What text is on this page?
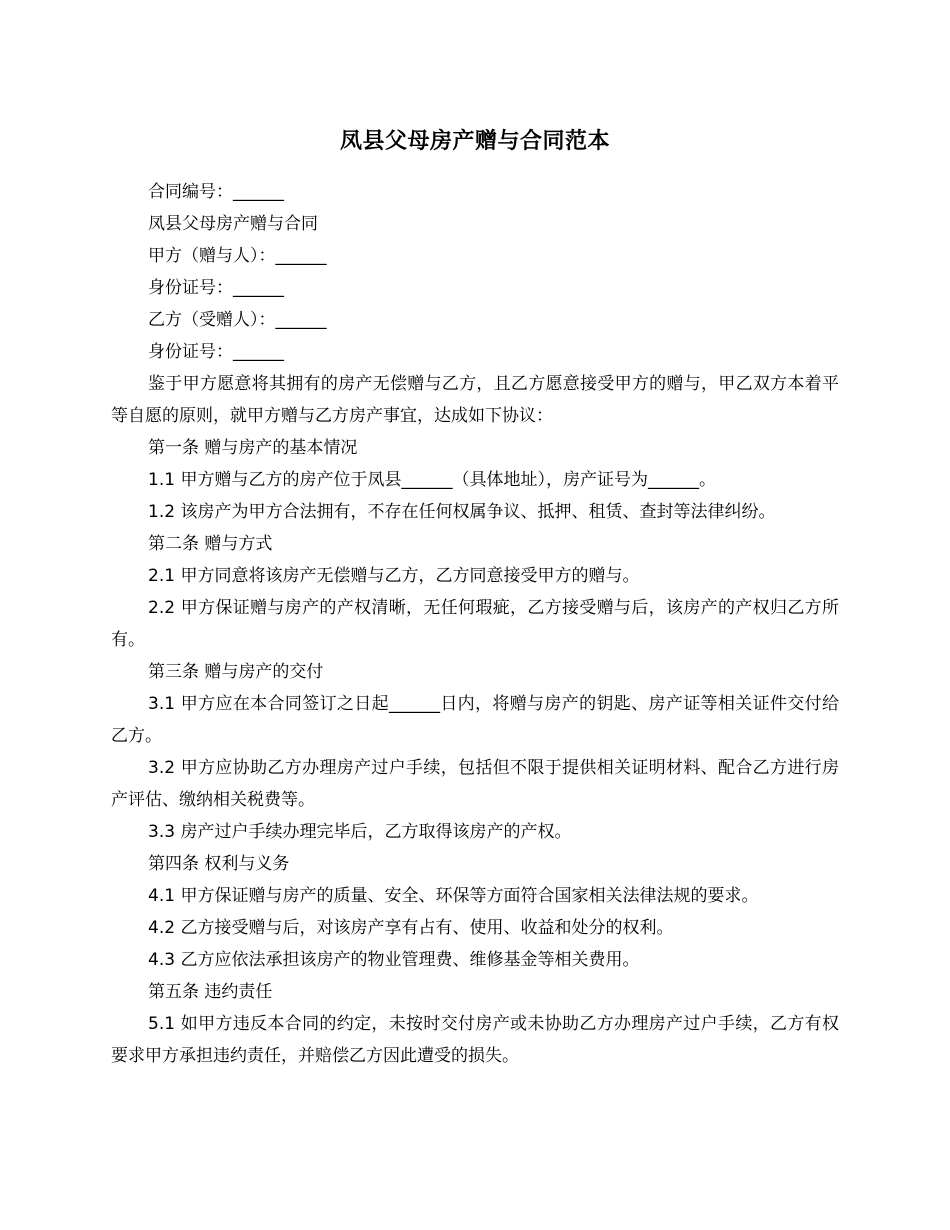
凤县父母房产赠与合同范本

合同编号：______

凤县父母房产赠与合同

甲方（赠与人）：______

身份证号：______

乙方（受赠人）：______

身份证号：______

鉴于甲方愿意将其拥有的房产无偿赠与乙方，且乙方愿意接受甲方的赠与，甲乙双方本着平等自愿的原则，就甲方赠与乙方房产事宜，达成如下协议：

第一条 赠与房产的基本情况

1.1 甲方赠与乙方的房产位于凤县______（具体地址），房产证号为______。

1.2 该房产为甲方合法拥有，不存在任何权属争议、抵押、租赁、查封等法律纠纷。

第二条 赠与方式

2.1 甲方同意将该房产无偿赠与乙方，乙方同意接受甲方的赠与。

2.2 甲方保证赠与房产的产权清晰，无任何瑕疵，乙方接受赠与后，该房产的产权归乙方所有。

第三条 赠与房产的交付

3.1 甲方应在本合同签订之日起______日内，将赠与房产的钥匙、房产证等相关证件交付给乙方。

3.2 甲方应协助乙方办理房产过户手续，包括但不限于提供相关证明材料、配合乙方进行房产评估、缴纳相关税费等。

3.3 房产过户手续办理完毕后，乙方取得该房产的产权。

第四条 权利与义务

4.1 甲方保证赠与房产的质量、安全、环保等方面符合国家相关法律法规的要求。

4.2 乙方接受赠与后，对该房产享有占有、使用、收益和处分的权利。

4.3 乙方应依法承担该房产的物业管理费、维修基金等相关费用。

第五条 违约责任

5.1 如甲方违反本合同的约定，未按时交付房产或未协助乙方办理房产过户手续，乙方有权要求甲方承担违约责任，并赔偿乙方因此遭受的损失。
